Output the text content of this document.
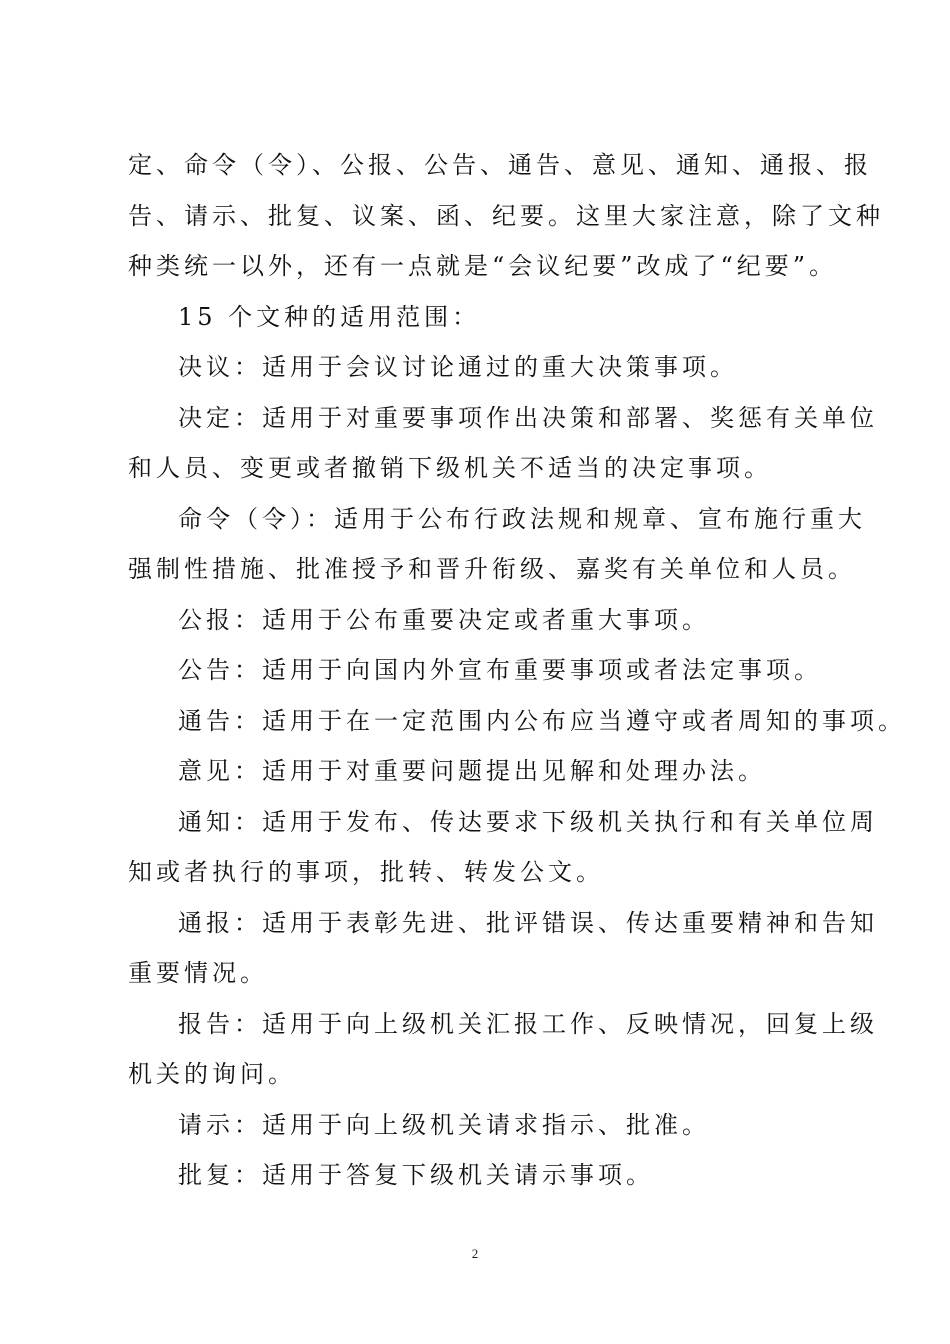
定、命令（令）、公报、公告、通告、意见、通知、通报、报
告、请示、批复、议案、函、纪要。这里大家注意，除了文种
种类统一以外，还有一点就是“会议纪要”改成了“纪要”。
15 个文种的适用范围：
决议：适用于会议讨论通过的重大决策事项。
决定：适用于对重要事项作出决策和部署、奖惩有关单位
和人员、变更或者撤销下级机关不适当的决定事项。
命令（令）：适用于公布行政法规和规章、宣布施行重大
强制性措施、批准授予和晋升衔级、嘉奖有关单位和人员。
公报：适用于公布重要决定或者重大事项。
公告：适用于向国内外宣布重要事项或者法定事项。
通告：适用于在一定范围内公布应当遵守或者周知的事项。
意见：适用于对重要问题提出见解和处理办法。
通知：适用于发布、传达要求下级机关执行和有关单位周
知或者执行的事项，批转、转发公文。
通报：适用于表彰先进、批评错误、传达重要精神和告知
重要情况。
报告：适用于向上级机关汇报工作、反映情况，回复上级
机关的询问。
请示：适用于向上级机关请求指示、批准。
批复：适用于答复下级机关请示事项。
2
